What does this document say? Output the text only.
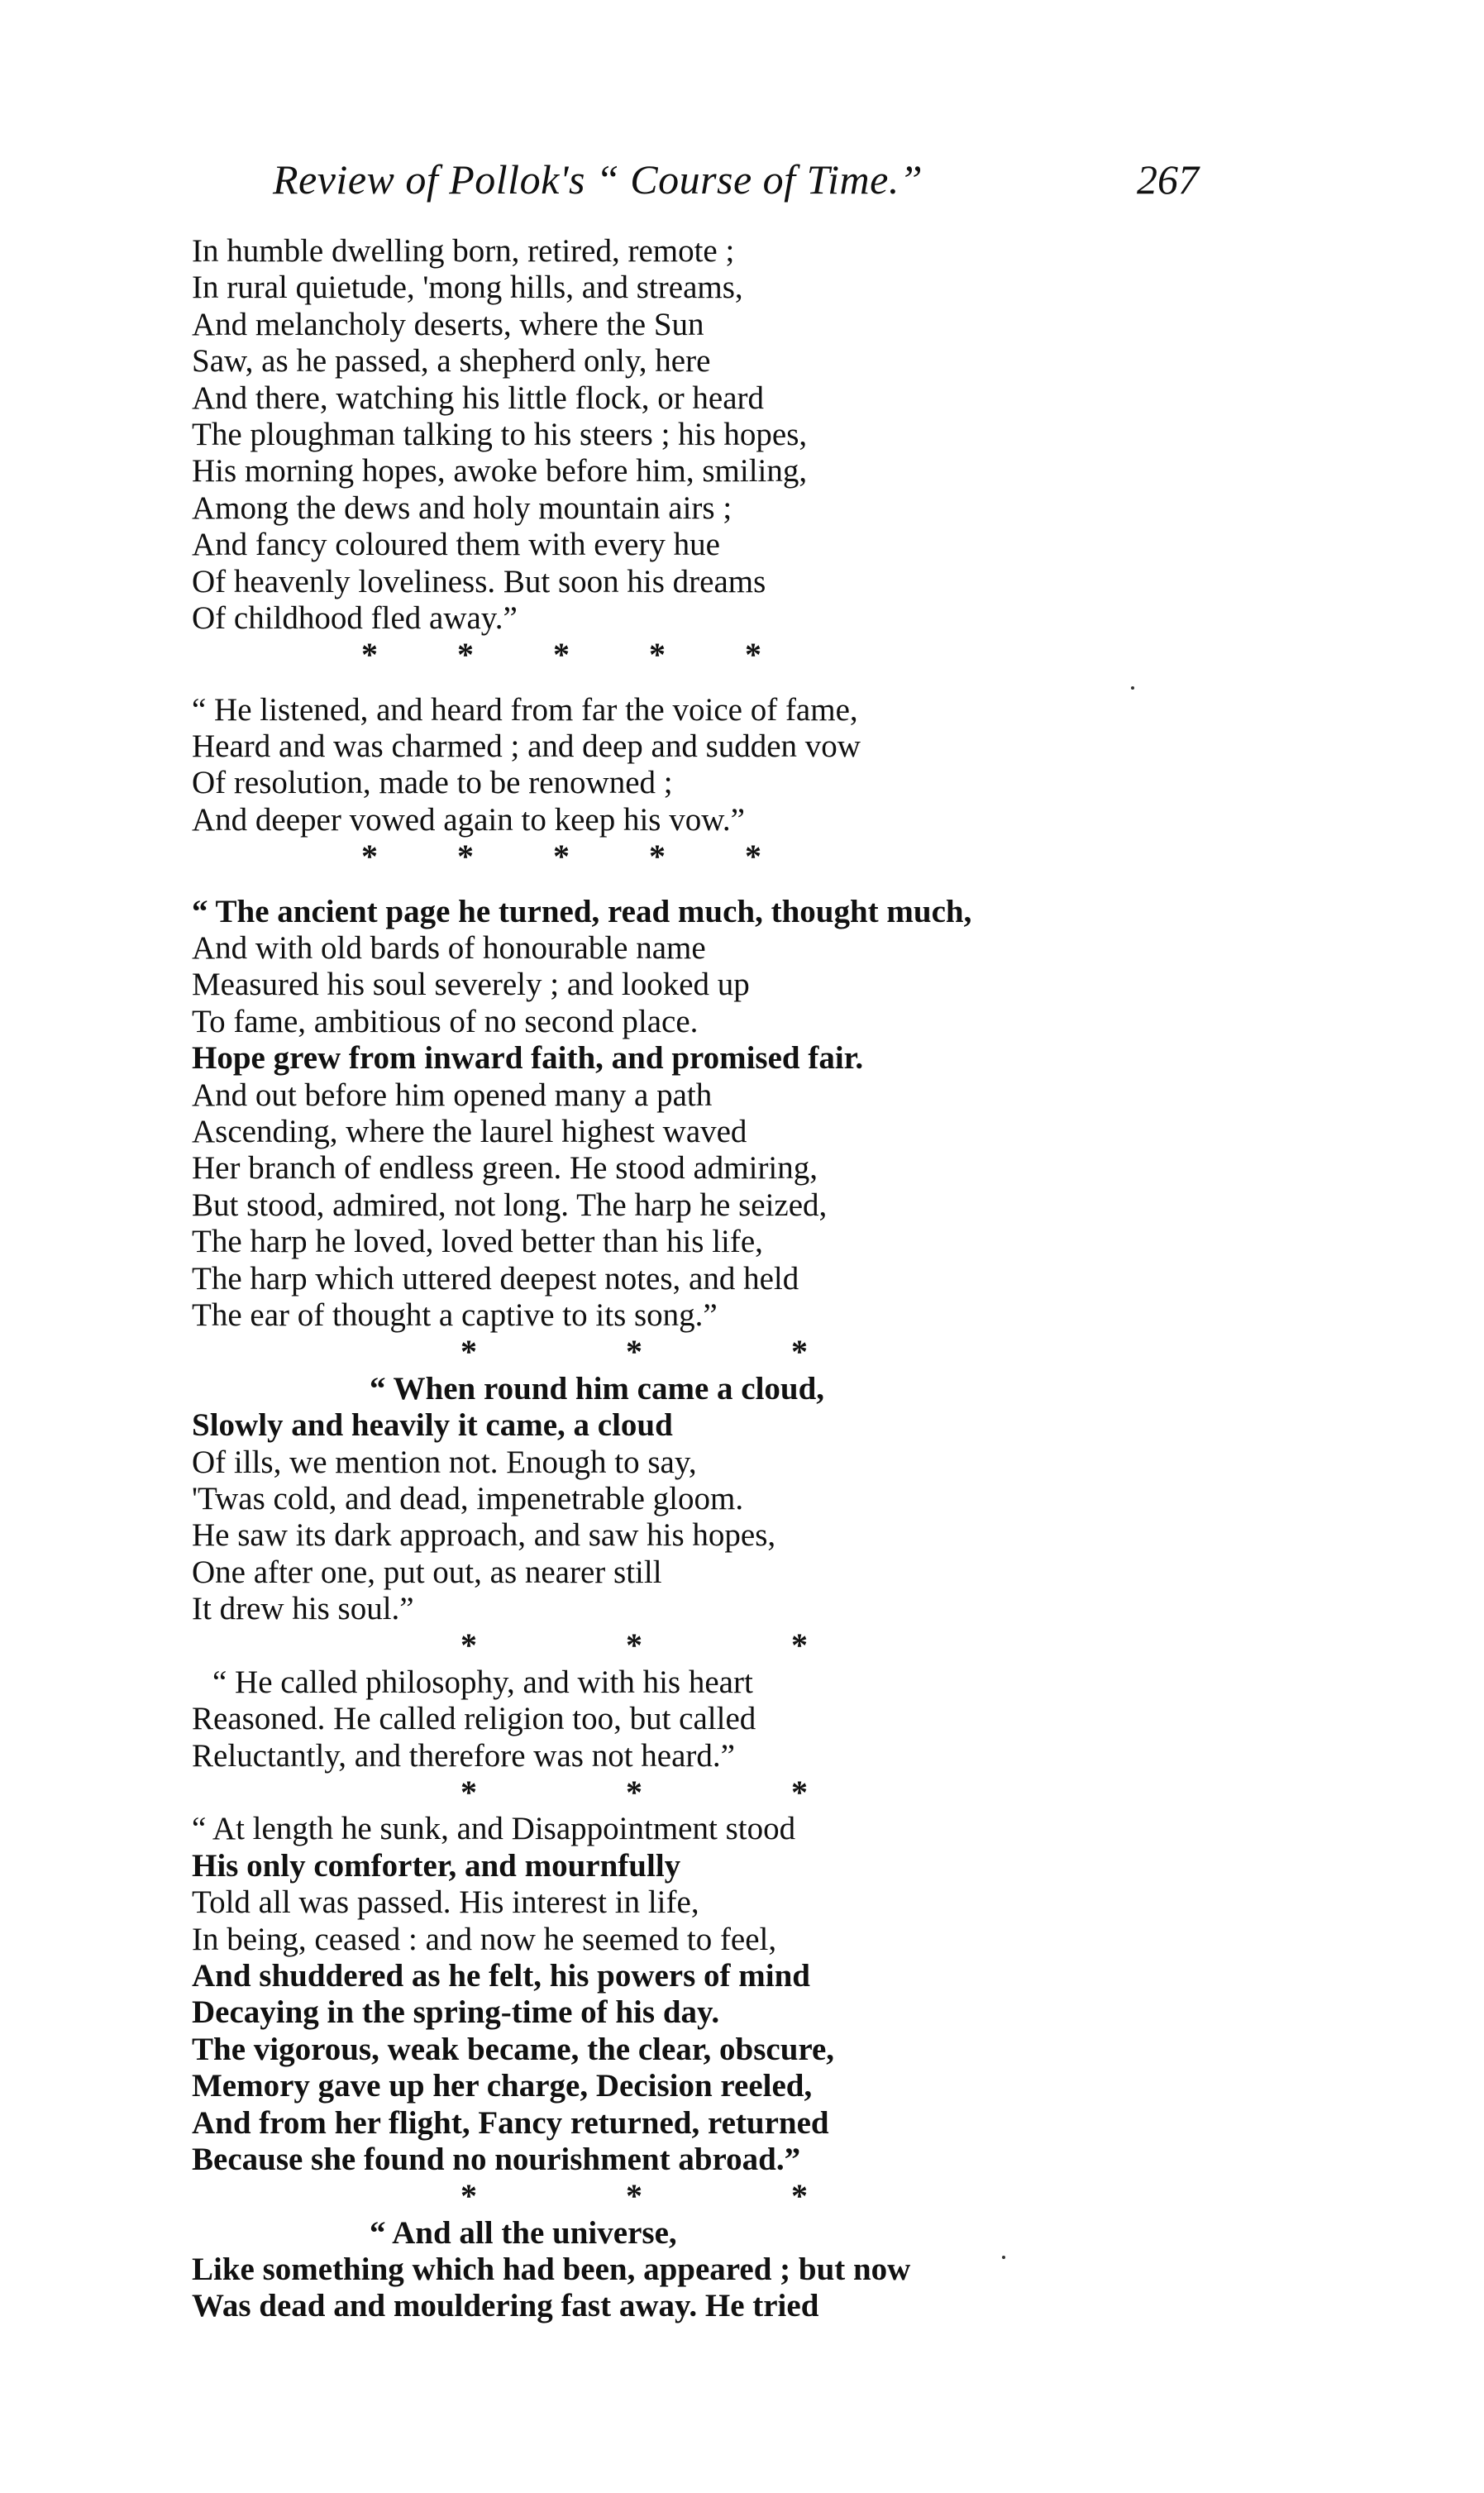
Review of Pollok's “ Course of Time.”	267
In humble dwelling born, retired, remote ;
In rural quietude, 'mong hills, and streams,
And melancholy deserts, where the Sun
Saw, as he passed, a shepherd only, here
And there, watching his little flock, or heard
The ploughman talking to his steers ; his hopes,
His morning hopes, awoke before him, smiling,
Among the dews and holy mountain airs ;
And fancy coloured them with every hue
Of heavenly loveliness. But soon his dreams
Of childhood fled away.”
*  *  *  *  *
“ He listened, and heard from far the voice of fame,
Heard and was charmed ; and deep and sudden vow
Of resolution, made to be renowned ;
And deeper vowed again to keep his vow.”
*  *  *  *  *
“ The ancient page he turned, read much, thought much,
And with old bards of honourable name
Measured his soul severely ; and looked up
To fame, ambitious of no second place.
Hope grew from inward faith, and promised fair.
And out before him opened many a path
Ascending, where the laurel highest waved
Her branch of endless green. He stood admiring,
But stood, admired, not long. The harp he seized,
The harp he loved, loved better than his life,
The harp which uttered deepest notes, and held
The ear of thought a captive to its song.”
*  *  *
“ When round him came a cloud,
Slowly and heavily it came, a cloud
Of ills, we mention not. Enough to say,
'Twas cold, and dead, impenetrable gloom.
He saw its dark approach, and saw his hopes,
One after one, put out, as nearer still
It drew his soul.”
*  *  *
“ He called philosophy, and with his heart
Reasoned. He called religion too, but called
Reluctantly, and therefore was not heard.”
*  *  *
“ At length he sunk, and Disappointment stood
His only comforter, and mournfully
Told all was passed. His interest in life,
In being, ceased : and now he seemed to feel,
And shuddered as he felt, his powers of mind
Decaying in the spring-time of his day.
The vigorous, weak became, the clear, obscure,
Memory gave up her charge, Decision reeled,
And from her flight, Fancy returned, returned
Because she found no nourishment abroad.”
*  *  *
“ And all the universe,
Like something which had been, appeared ; but now
Was dead and mouldering fast away. He tried
